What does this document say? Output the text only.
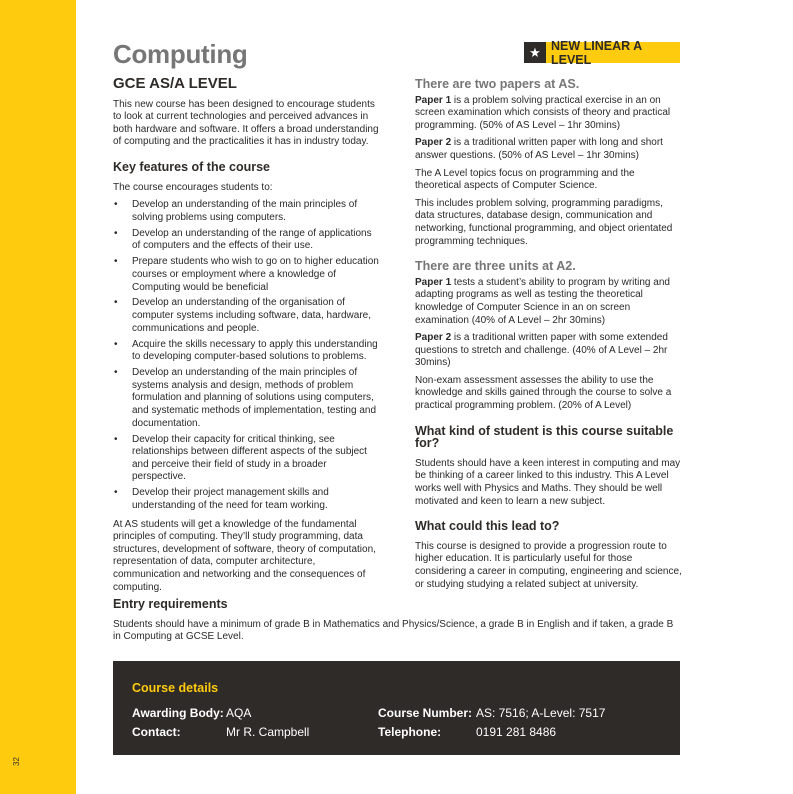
32
Computing	★ NEW LINEAR A LEVEL
GCE AS/A LEVEL

This new course has been designed to encourage students to look at current technologies and perceived advances in both hardware and software. It offers a broad understanding of computing and the practicalities it has in industry today.

Key features of the course

The course encourages students to:

• Develop an understanding of the main principles of solving problems using computers.
• Develop an understanding of the range of applications of computers and the effects of their use.
• Prepare students who wish to go on to higher education courses or employment where a knowledge of Computing would be beneficial
• Develop an understanding of the organisation of computer systems including software, data, hardware, communications and people.
• Acquire the skills necessary to apply this understanding to developing computer-based solutions to problems.
• Develop an understanding of the main principles of systems analysis and design, methods of problem formulation and planning of solutions using computers, and systematic methods of implementation, testing and documentation.
• Develop their capacity for critical thinking, see relationships between different aspects of the subject and perceive their field of study in a broader perspective.
• Develop their project management skills and understanding of the need for team working.

At AS students will get a knowledge of the fundamental principles of computing. They’ll study programming, data structures, development of software, theory of computation, representation of data, computer architecture, communication and networking and the consequences of computing.

There are two papers at AS.

Paper 1 is a problem solving practical exercise in an on screen examination which consists of theory and practical programming. (50% of AS Level – 1hr 30mins)

Paper 2 is a traditional written paper with long and short answer questions. (50% of AS Level – 1hr 30mins)

The A Level topics focus on programming and the theoretical aspects of Computer Science.

This includes problem solving, programming paradigms, data structures, database design, communication and networking, functional programming, and object orientated programming techniques.

There are three units at A2.

Paper 1 tests a student’s ability to program by writing and adapting programs as well as testing the theoretical knowledge of Computer Science in an on screen examination (40% of A Level – 2hr 30mins)

Paper 2 is a traditional written paper with some extended questions to stretch and challenge. (40% of A Level – 2hr 30mins)

Non-exam assessment assesses the ability to use the knowledge and skills gained through the course to solve a practical programming problem. (20% of A Level)

What kind of student is this course suitable for?

Students should have a keen interest in computing and may be thinking of a career linked to this industry. This A Level works well with Physics and Maths. They should be well motivated and keen to learn a new subject.

What could this lead to?

This course is designed to provide a progression route to higher education. It is particularly useful for those considering a career in computing, engineering and science, or studying studying a related subject at university.

Entry requirements

Students should have a minimum of grade B in Mathematics and Physics/Science, a grade B in English and if taken, a grade B in Computing at GCSE Level.

Course details
Awarding Body: AQA
Contact:	Mr R. Campbell
Course Number: AS: 7516; A-Level: 7517
Telephone:	0191 281 8486
